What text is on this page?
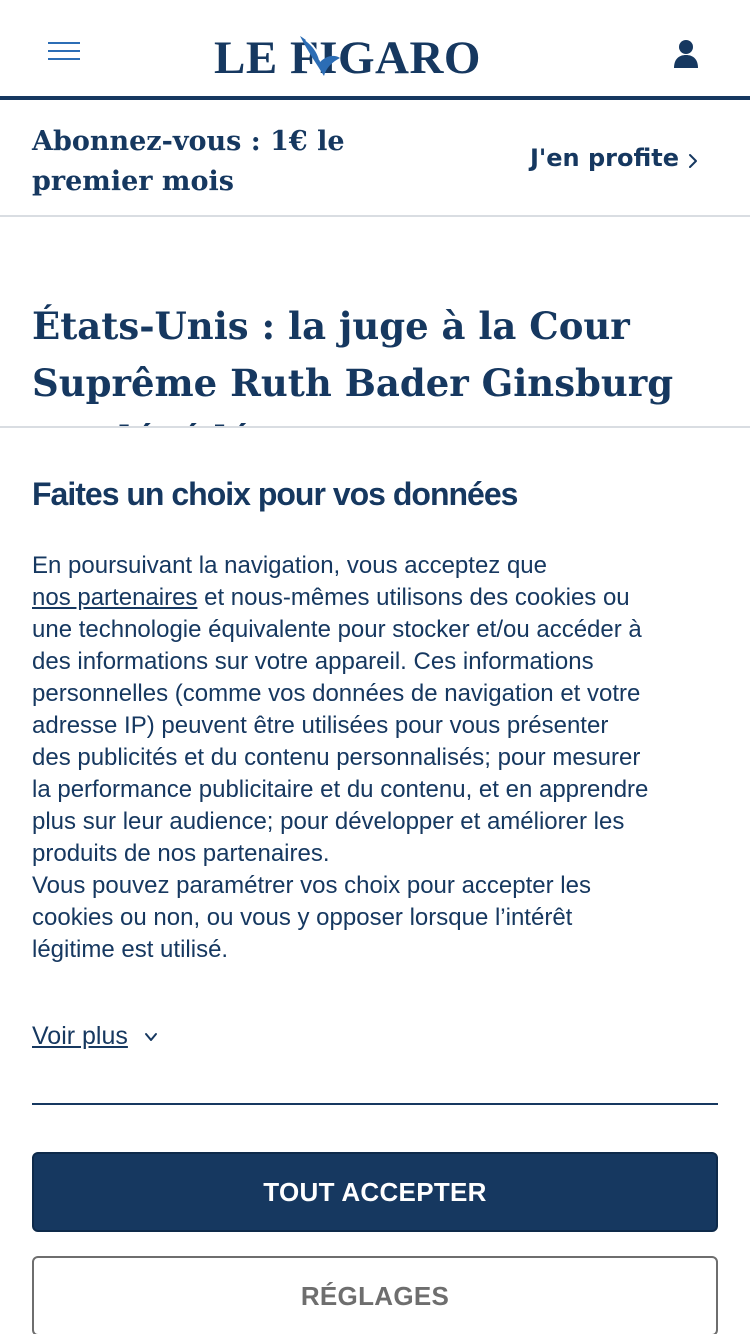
LE FIGARO
Abonnez-vous : 1€ le premier mois
J'en profite
États-Unis : la juge à la Cour Suprême Ruth Bader Ginsburg
Faites un choix pour vos données

En poursuivant la navigation, vous acceptez que
nos partenaires et nous-mêmes utilisons des cookies ou une technologie équivalente pour stocker et/ou accéder à des informations sur votre appareil. Ces informations personnelles (comme vos données de navigation et votre adresse IP) peuvent être utilisées pour vous présenter des publicités et du contenu personnalisés; pour mesurer la performance publicitaire et du contenu, et en apprendre plus sur leur audience; pour développer et améliorer les produits de nos partenaires.

Vous pouvez paramétrer vos choix pour accepter les cookies ou non, ou vous y opposer lorsque l’intérêt légitime est utilisé.

Voir plus
TOUT ACCEPTER
RÉGLAGES
